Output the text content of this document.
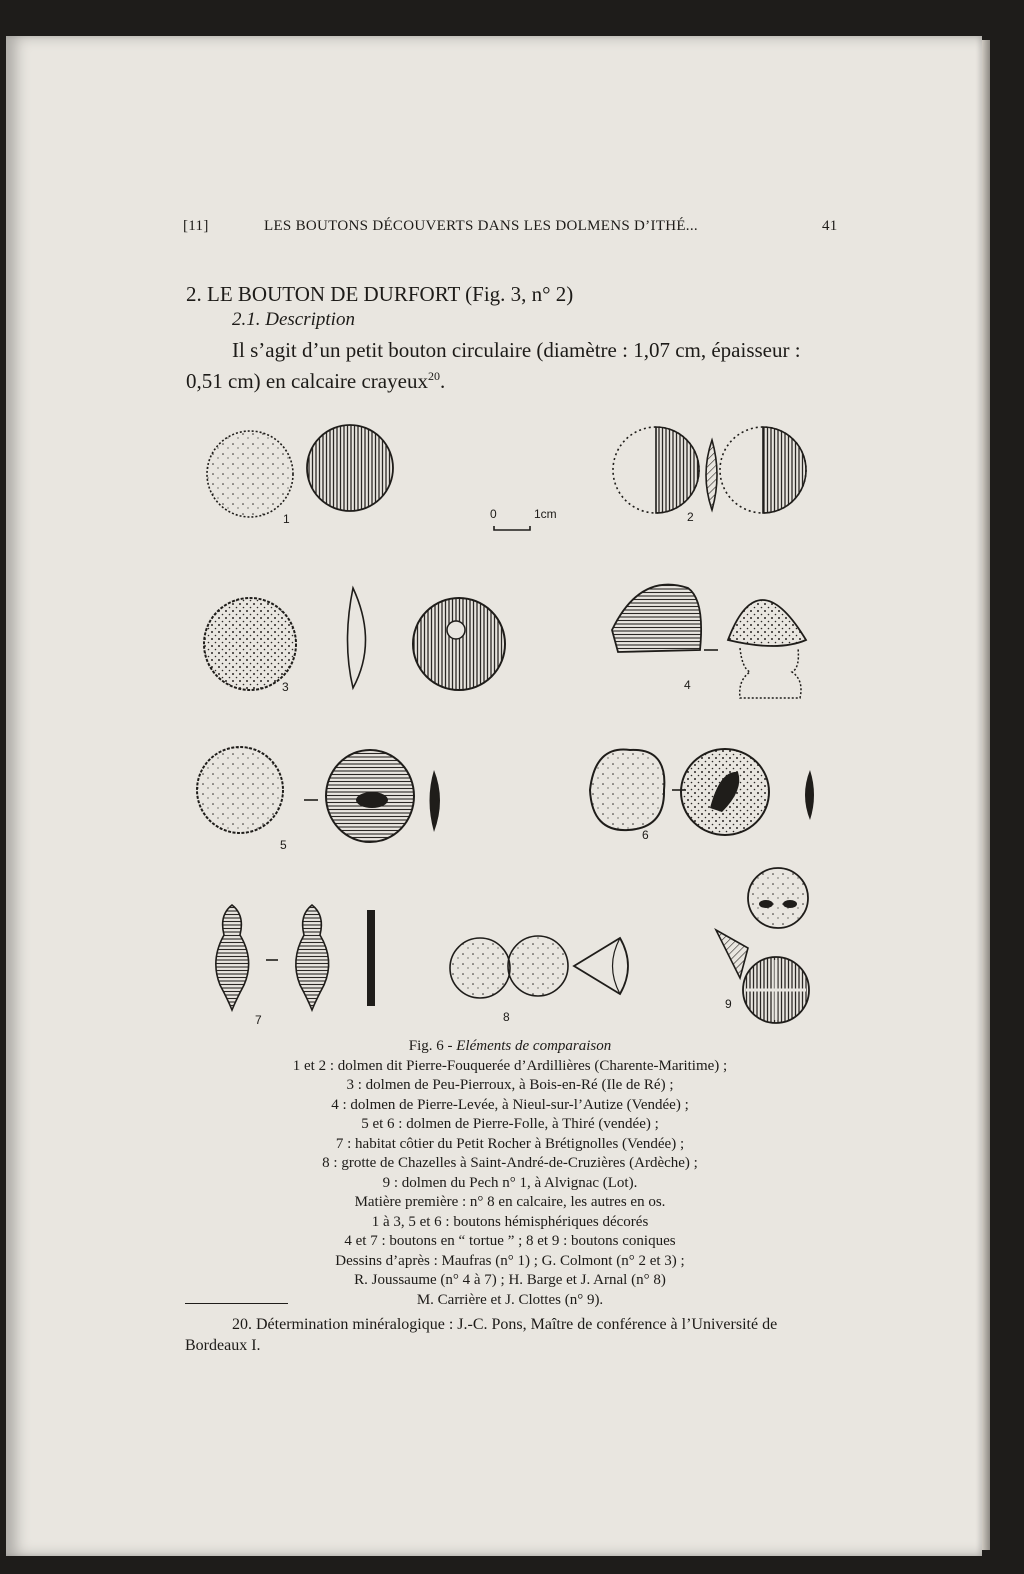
[11]	LES BOUTONS DÉCOUVERTS DANS LES DOLMENS D’ITHÉ...	41
2. LE BOUTON DE DURFORT (Fig. 3, n° 2)
2.1. Description
Il s’agit d’un petit bouton circulaire (diamètre : 1,07 cm, épaisseur :
0,51 cm) en calcaire crayeux$^{20}$.
0	1cm
1	2
3	4
5
6
7	8
9
Fig. 6 - Eléments de comparaison
1 et 2 : dolmen dit Pierre-Fouquerée d’Ardillières (Charente-Maritime) ;
3 : dolmen de Peu-Pierroux, à Bois-en-Ré (Ile de Ré) ;
4 : dolmen de Pierre-Levée, à Nieul-sur-l’Autize (Vendée) ;
5 et 6 : dolmen de Pierre-Folle, à Thiré (vendée) ;
7 : habitat côtier du Petit Rocher à Brétignolles (Vendée) ;
8 : grotte de Chazelles à Saint-André-de-Cruzières (Ardèche) ;
9 : dolmen du Pech n° 1, à Alvignac (Lot).
Matière première : n° 8 en calcaire, les autres en os.
1 à 3, 5 et 6 : boutons hémisphériques décorés
4 et 7 : boutons en “ tortue ” ; 8 et 9 : boutons coniques
Dessins d’après : Maufras (n° 1) ; G. Colmont (n° 2 et 3) ;
R. Joussaume (n° 4 à 7) ; H. Barge et J. Arnal (n° 8)
M. Carrière et J. Clottes (n° 9).
20. Détermination minéralogique : J.-C. Pons, Maître de conférence à l’Université de
Bordeaux I.
